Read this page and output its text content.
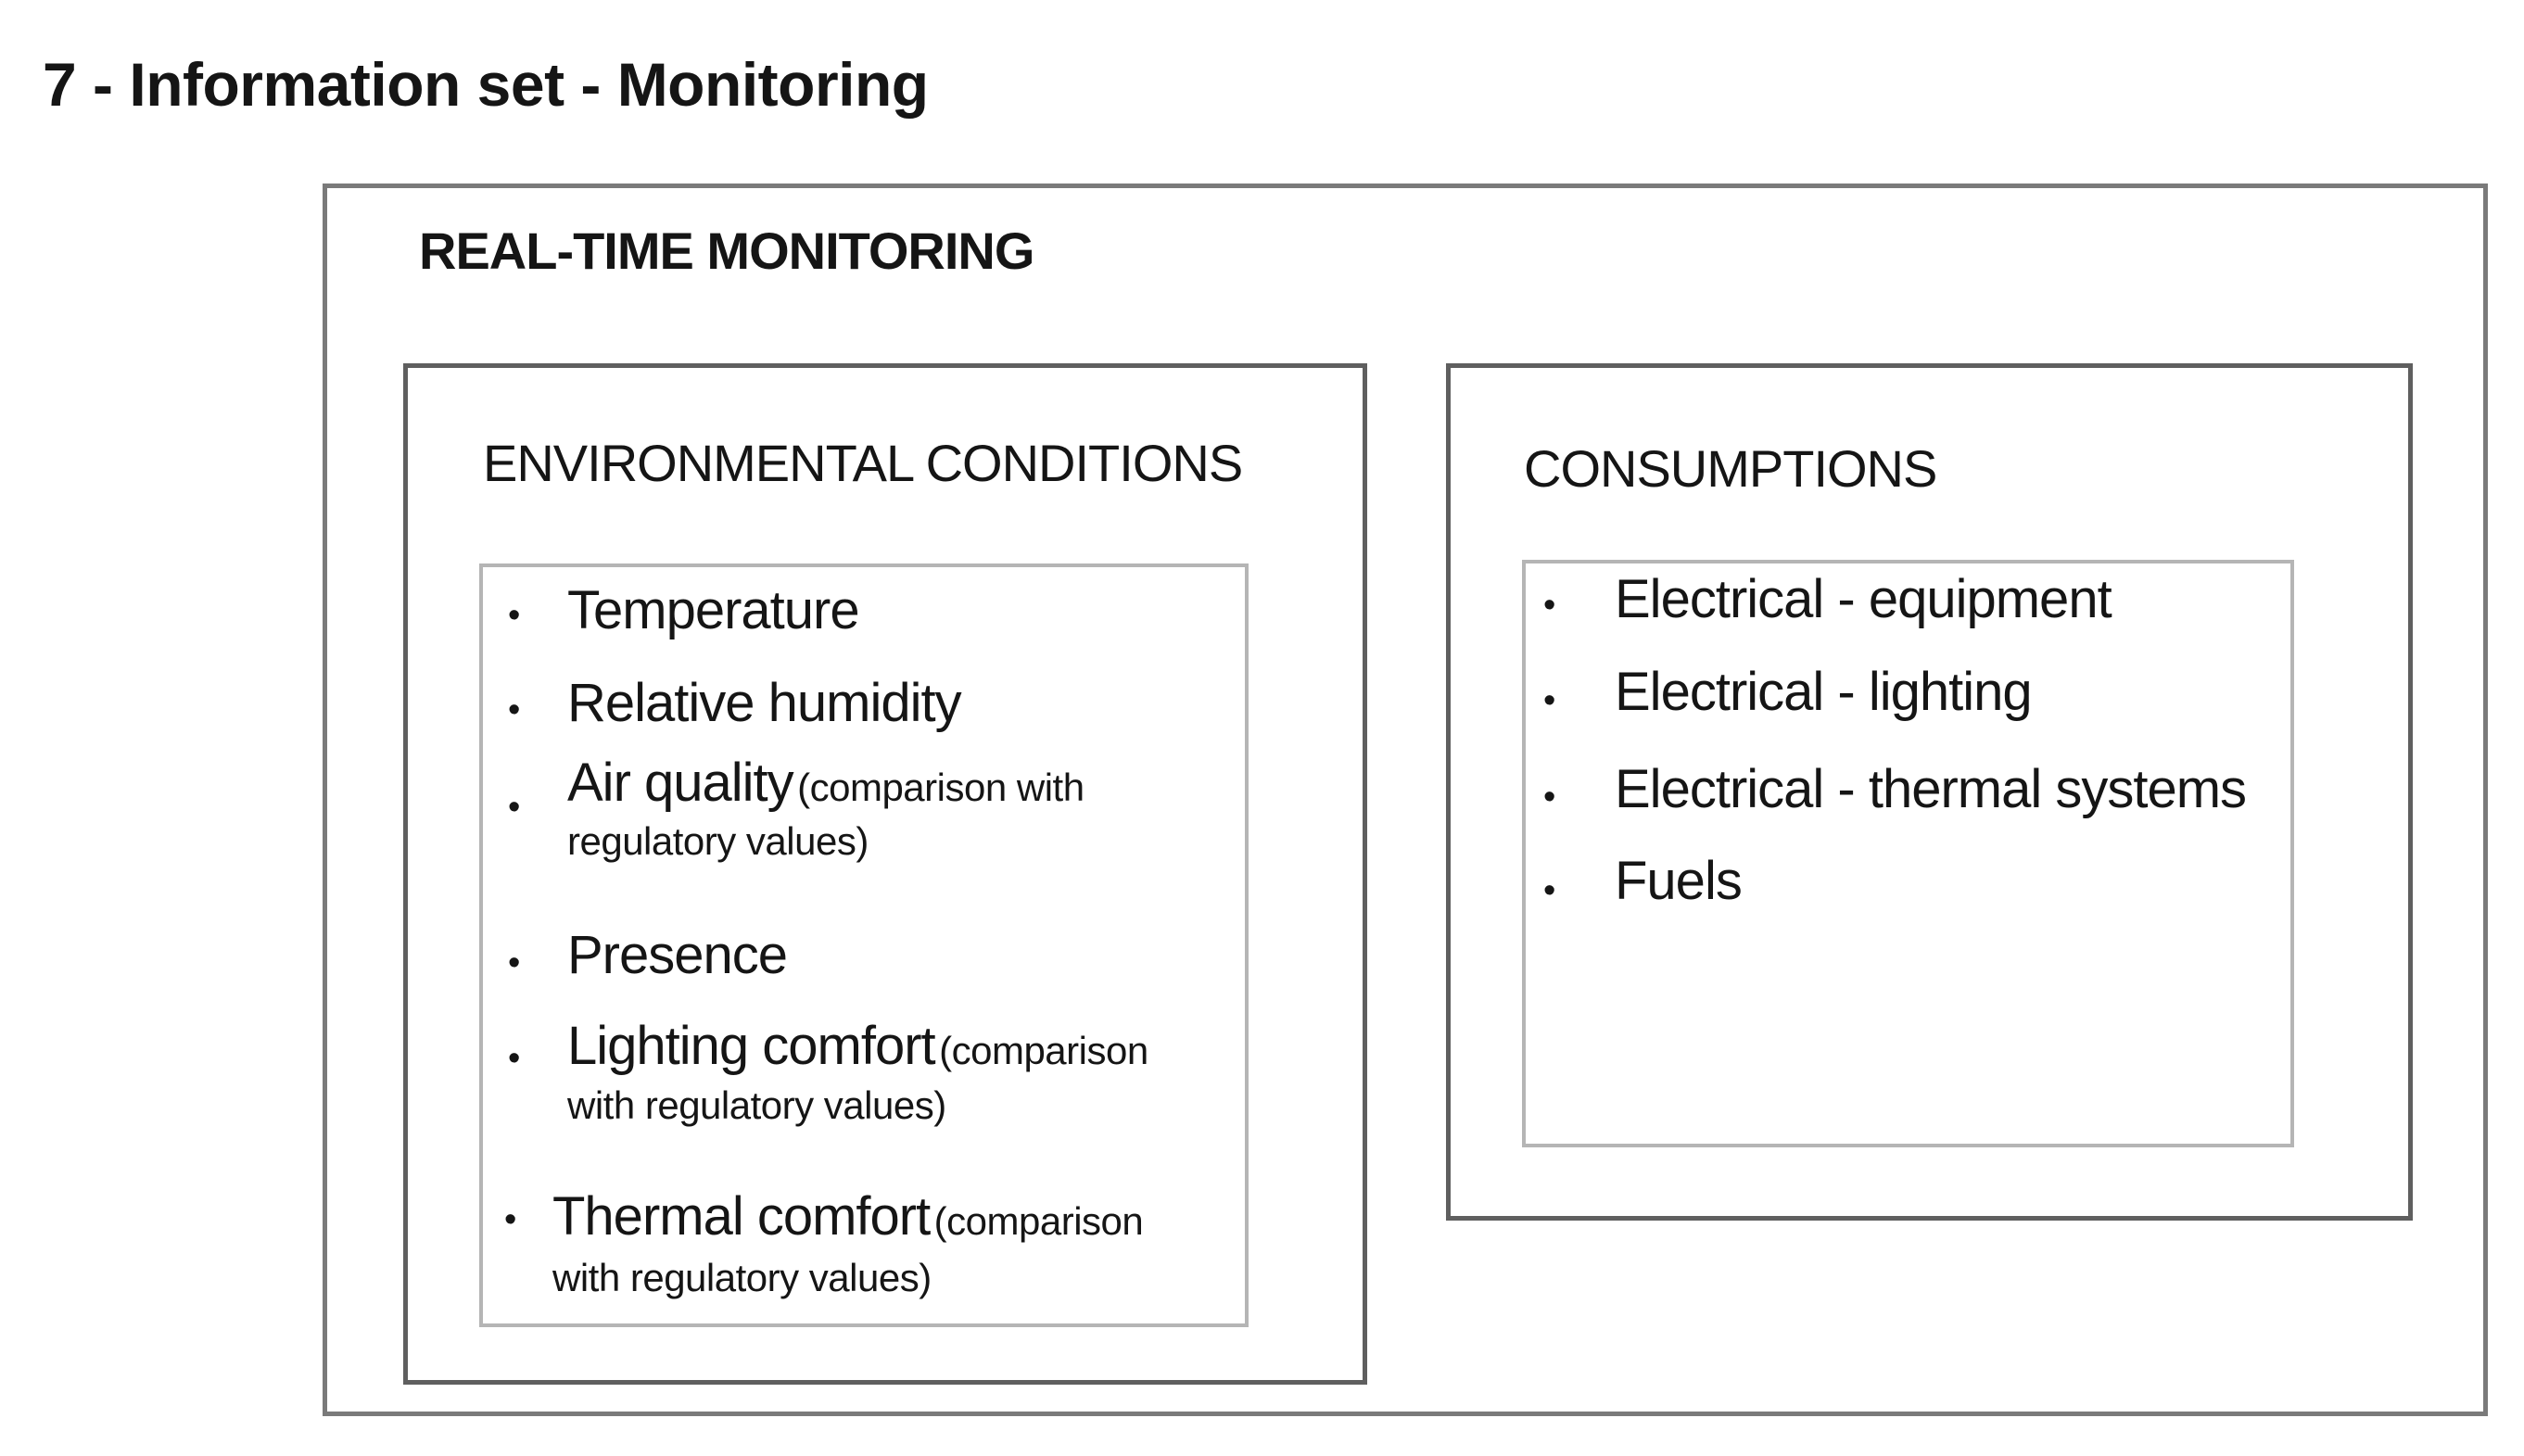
7 - Information set - Monitoring
REAL-TIME MONITORING
ENVIRONMENTAL CONDITIONS
• Temperature
• Relative humidity
• Air quality (comparison with
regulatory values)
• Presence
• Lighting comfort (comparison
with regulatory values)
• Thermal comfort (comparison
with regulatory values)
CONSUMPTIONS
• Electrical - equipment
• Electrical - lighting
• Electrical - thermal systems
• Fuels
